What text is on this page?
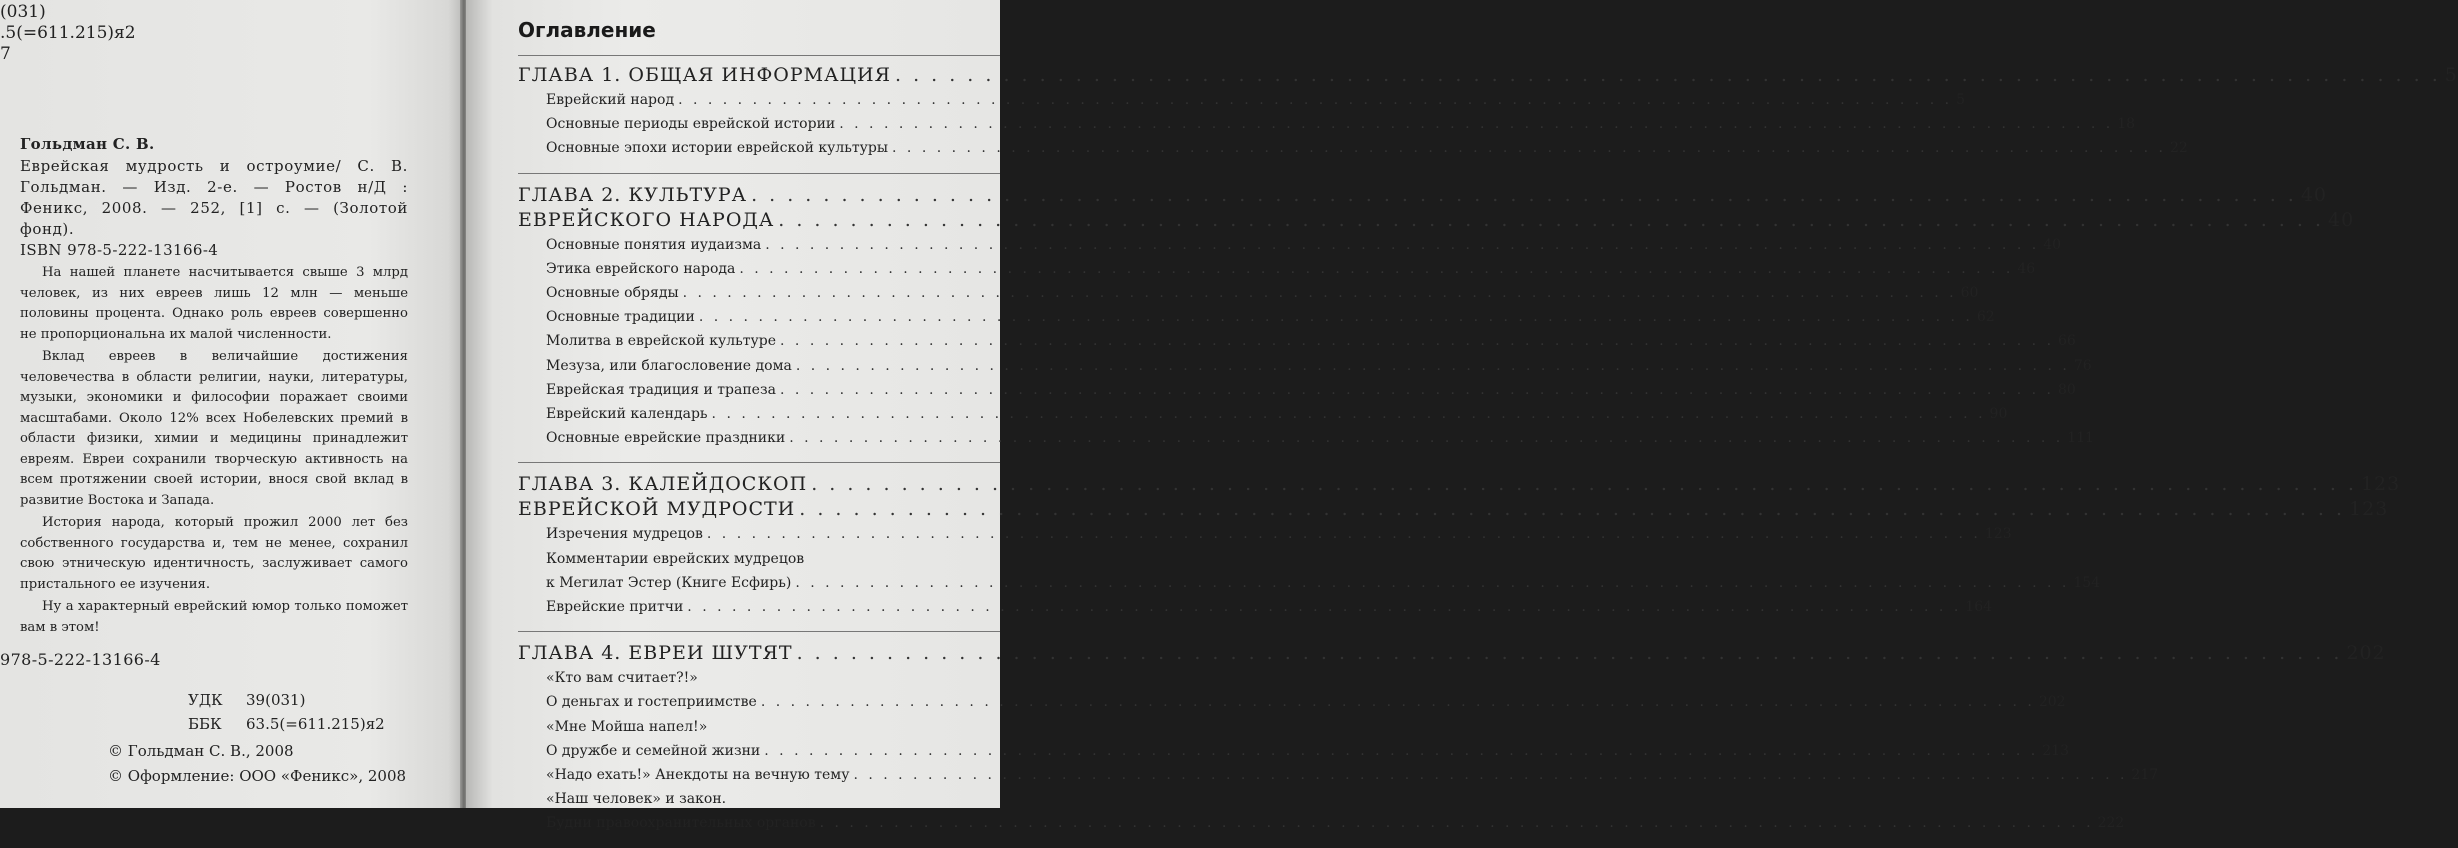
(031)
.5(=611.215)я2
7
Гольдман С. В.
Еврейская мудрость и остроумие/ С. В. Гольдман. — Изд. 2-е. — Ростов н/Д : Феникс, 2008. — 252, [1] с. — (Золотой фонд).
ISBN 978-5-222-13166-4

На нашей планете насчитывается свыше 3 млрд человек, из них евреев лишь 12 млн — меньше половины процента. Однако роль евреев совершенно не пропорциональна их малой численности.

Вклад евреев в величайшие достижения человечества в области религии, науки, литературы, музыки, экономики и философии поражает своими масштабами. Около 12% всех Нобелевских премий в области физики, химии и медицины принадлежит евреям. Евреи сохранили творческую активность на всем протяжении своей истории, внося свой вклад в развитие Востока и Запада.

История народа, который прожил 2000 лет без собственного государства и, тем не менее, сохранил свою этническую идентичность, заслуживает самого пристального ее изучения.

Ну а характерный еврейский юмор только поможет вам в этом!

978-5-222-13166-4
УДК	39(031)
ББК	63.5(=611.215)я2
© Гольдман С. В., 2008
© Оформление: ООО «Феникс», 2008
Оглавление
ГЛАВА 1. ОБЩАЯ ИНФОРМАЦИЯ . . .	5
Еврейский народ . . .	5
Основные периоды еврейской истории . . .	18
Основные эпохи истории еврейской культуры . . .	22
ГЛАВА 2. КУЛЬТУРА . . .	40
ЕВРЕЙСКОГО НАРОДА . . .	40
Основные понятия иудаизма . . .	40
Этика еврейского народа . . .	46
Основные обряды . . .	60
Основные традиции . . .	62
Молитва в еврейской культуре . . .	66
Мезуза, или благословение дома . . .	76
Еврейская традиция и трапеза . . .	80
Еврейский календарь . . .	90
Основные еврейские праздники . . .	111
ГЛАВА 3. КАЛЕЙДОСКОП . . .	123
ЕВРЕЙСКОЙ МУДРОСТИ . . .	123
Изречения мудрецов . . .	123
Комментарии еврейских мудрецов
к Мегилат Эстер (Книге Есфирь) . . .	154
Еврейские притчи . . .	164
ГЛАВА 4. ЕВРЕИ ШУТЯТ . . .	202
«Кто вам считает?!»
О деньгах и гостеприимстве . . .	202
«Мне Мойша напел!»
О дружбе и семейной жизни . . .	213
«Надо ехать!» Анекдоты на вечную тему . . .	217
«Наш человек» и закон.
Будни правоохранительных органов . . .	222
